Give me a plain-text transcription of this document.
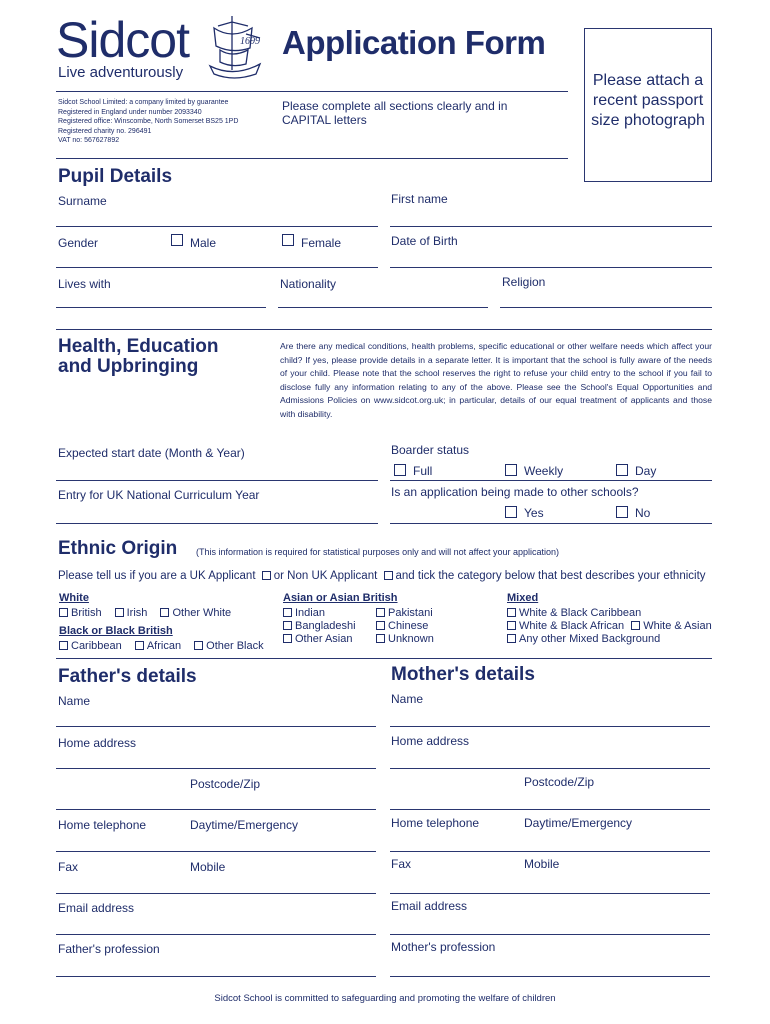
Sidcot	1699
Live adventurously
Application Form
Sidcot School Limited: a company limited by guarantee
Registered in England under number 2093340
Registered office: Winscombe, North Somerset BS25 1PD
Registered charity no. 296491
VAT no: 567627892
Please complete all sections clearly and in CAPITAL letters
Please attach a recent passport size photograph
Pupil Details
Surname	First name
Gender	Male	Female	Date of Birth
Lives with	Nationality	Religion
Health, Education
and Upbringing
Are there any medical conditions, health problems, specific educational or other welfare needs which affect your child? If yes, please provide details in a separate letter. It is important that the school is fully aware of the needs of your child. Please note that the school reserves the right to refuse your child entry to the school if you fail to disclose fully any information relating to any of the above. Please see the School's Equal Opportunities and Admissions Policies on www.sidcot.org.uk; in particular, details of our equal treatment of applicants and those with disability.
Expected start date (Month & Year)	Boarder status
Full	Weekly	Day
Entry for UK National Curriculum Year	Is an application being made to other schools?
Yes	No
Ethnic Origin (This information is required for statistical purposes only and will not affect your application)
Please tell us if you are a UK Applicant or Non UK Applicant and tick the category below that best describes your ethnicity
White
British Irish Other White
Black or Black British
Caribbean African Other Black
Asian or Asian British
Indian	Pakistani
Bangladeshi	Chinese
Other Asian	Unknown
Mixed
White & Black Caribbean
White & Black African White & Asian
Any other Mixed Background
Father's details
Name
Home address
Postcode/Zip
Home telephone	Daytime/Emergency
Fax	Mobile
Email address
Father's profession
Mother's details
Name
Home address
Postcode/Zip
Home telephone	Daytime/Emergency
Fax	Mobile
Email address
Mother's profession
Sidcot School is committed to safeguarding and promoting the welfare of children
